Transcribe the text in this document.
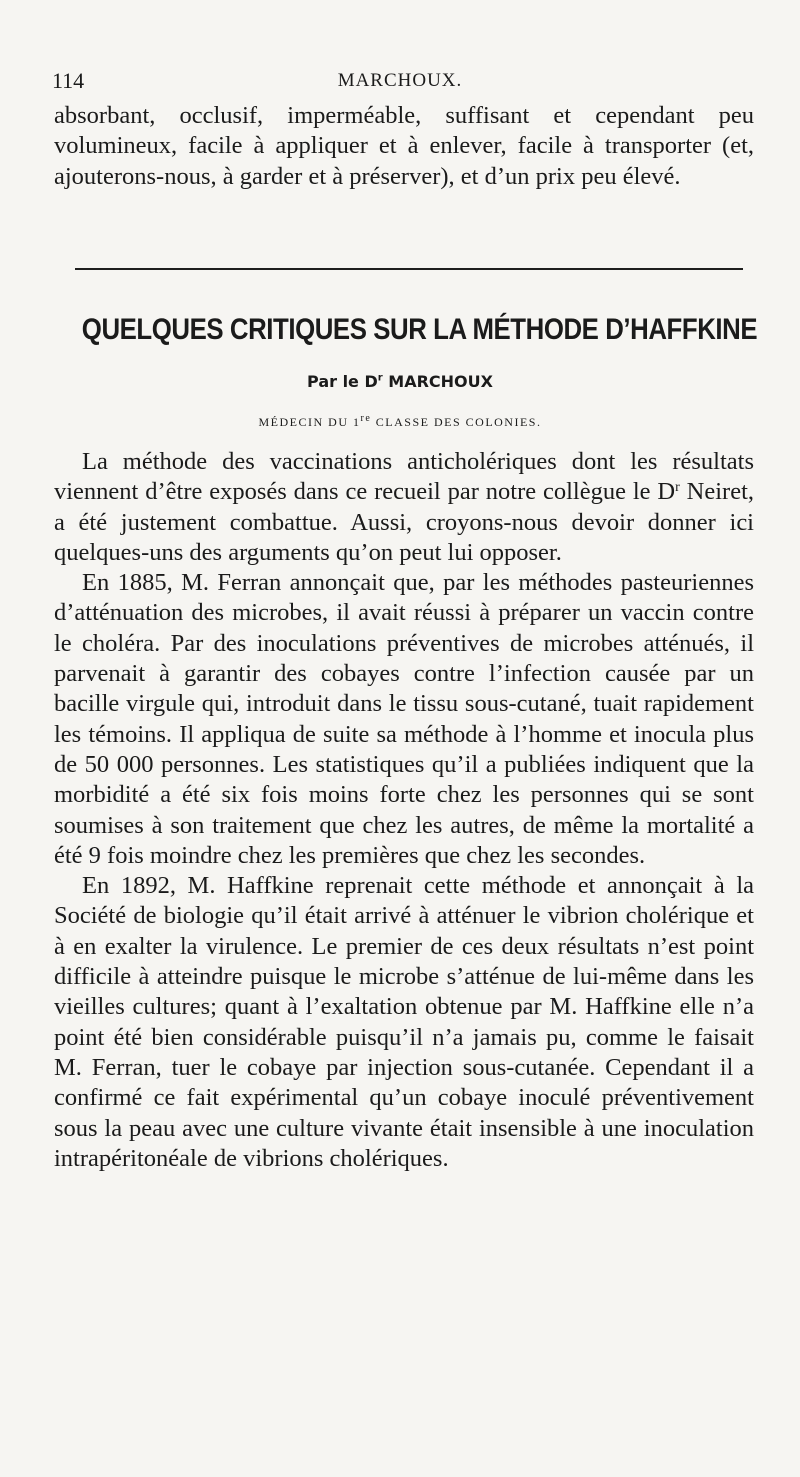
114	MARCHOUX.

absorbant, occlusif, imperméable, suffisant et cependant peu volumineux, facile à appliquer et à enlever, facile à transporter (et, ajouterons-nous, à garder et à préserver), et d’un prix peu élevé.

QUELQUES CRITIQUES SUR LA MÉTHODE D’HAFFKINE
Par le $D^r$ MARCHOUX
MÉDECIN DU 1re CLASSE DES COLONIES.

La méthode des vaccinations anticholériques dont les résultats viennent d’être exposés dans ce recueil par notre collègue le $D^r$ Neiret, a été justement combattue. Aussi, croyons-nous devoir donner ici quelques-uns des arguments qu’on peut lui opposer.

En 1885, M. Ferran annonçait que, par les méthodes pasteuriennes d’atténuation des microbes, il avait réussi à préparer un vaccin contre le choléra. Par des inoculations préventives de microbes atténués, il parvenait à garantir des cobayes contre l’infection causée par un bacille virgule qui, introduit dans le tissu sous-cutané, tuait rapidement les témoins. Il appliqua de suite sa méthode à l’homme et inocula plus de 50 000 personnes. Les statistiques qu’il a publiées indiquent que la morbidité a été six fois moins forte chez les personnes qui se sont soumises à son traitement que chez les autres, de même la mortalité a été 9 fois moindre chez les premières que chez les secondes.

En 1892, M. Haffkine reprenait cette méthode et annonçait à la Société de biologie qu’il était arrivé à atténuer le vibrion cholérique et à en exalter la virulence. Le premier de ces deux résultats n’est point difficile à atteindre puisque le microbe s’atténue de lui-même dans les vieilles cultures; quant à l’exaltation obtenue par M. Haffkine elle n’a point été bien considérable puisqu’il n’a jamais pu, comme le faisait M. Ferran, tuer le cobaye par injection sous-cutanée. Cependant il a confirmé ce fait expérimental qu’un cobaye inoculé préventivement sous la peau avec une culture vivante était insensible à une inoculation intrapéritonéale de vibrions cholériques.
